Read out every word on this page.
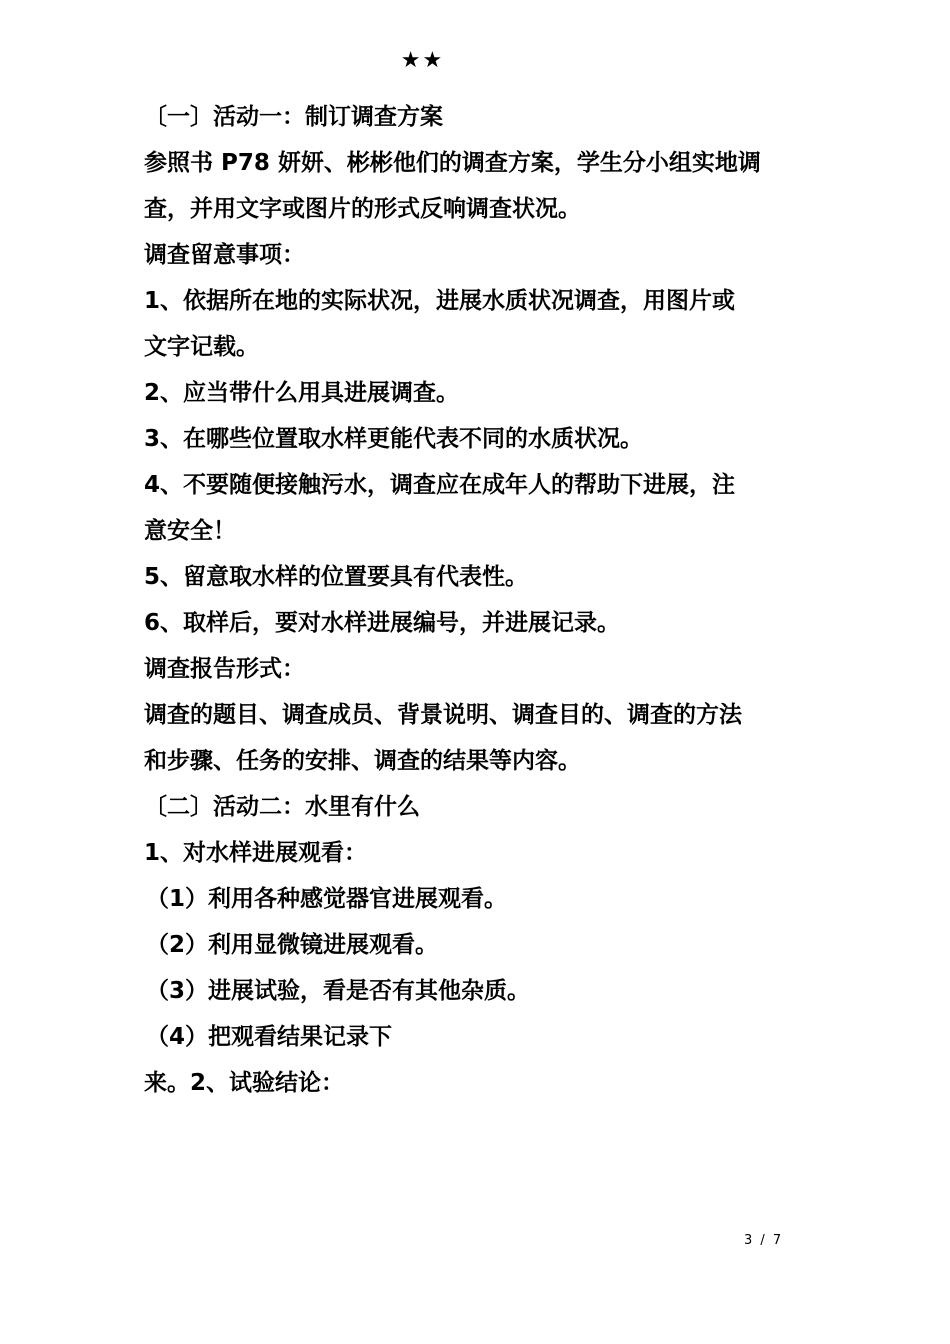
★★
〔一〕活动一：制订调查方案
参照书 P78 妍妍、彬彬他们的调查方案，学生分小组实地调
查，并用文字或图片的形式反响调查状况。
调查留意事项：
1、依据所在地的实际状况，进展水质状况调查，用图片或
文字记载。
2、应当带什么用具进展调查。
3、在哪些位置取水样更能代表不同的水质状况。
4、不要随便接触污水，调查应在成年人的帮助下进展，注
意安全！
5、留意取水样的位置要具有代表性。
6、取样后，要对水样进展编号，并进展记录。
调查报告形式：
调查的题目、调查成员、背景说明、调查目的、调查的方法
和步骤、任务的安排、调查的结果等内容。
〔二〕活动二：水里有什么
1、对水样进展观看：
（1）利用各种感觉器官进展观看。
（2）利用显微镜进展观看。
（3）进展试验，看是否有其他杂质。
（4）把观看结果记录下
来。2、试验结论：
3 / 7
